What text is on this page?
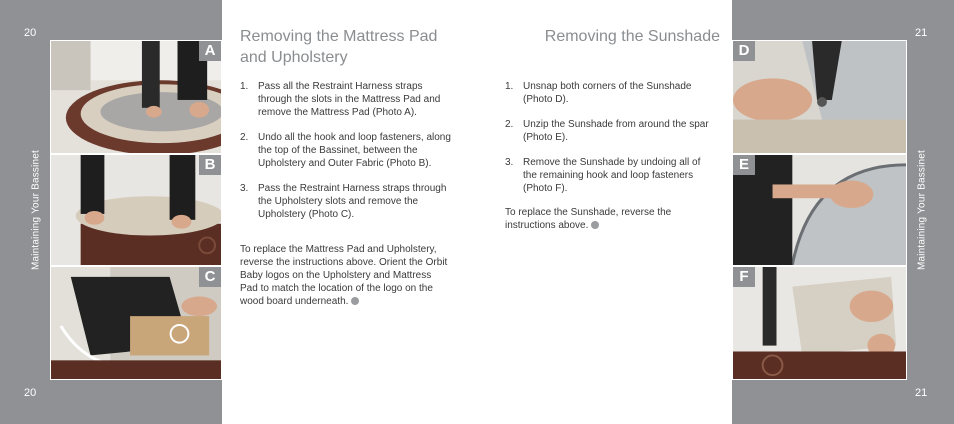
20
20
21
21
Maintaining Your Bassinet	Maintaining Your Bassinet
A
B
C
Removing the Mattress Pad and Upholstery
1. Pass all the Restraint Harness straps through the slots in the Mattress Pad and remove the Mattress Pad (Photo A).
2. Undo all the hook and loop fasteners, along the top of the Bassinet, between the Upholstery and Outer Fabric (Photo B).
3. Pass the Restraint Harness straps through the Upholstery slots and remove the Upholstery (Photo C).

To replace the Mattress Pad and Upholstery, reverse the instructions above. Orient the Orbit Baby logos on the Upholstery and Mattress Pad to match the location of the logo on the wood board underneath.

Removing the Sunshade
1. Unsnap both corners of the Sunshade (Photo D).
2. Unzip the Sunshade from around the spar (Photo E).
3. Remove the Sunshade by undoing all of the remaining hook and loop fasteners (Photo F).

To replace the Sunshade, reverse the instructions above.

D
E
F
